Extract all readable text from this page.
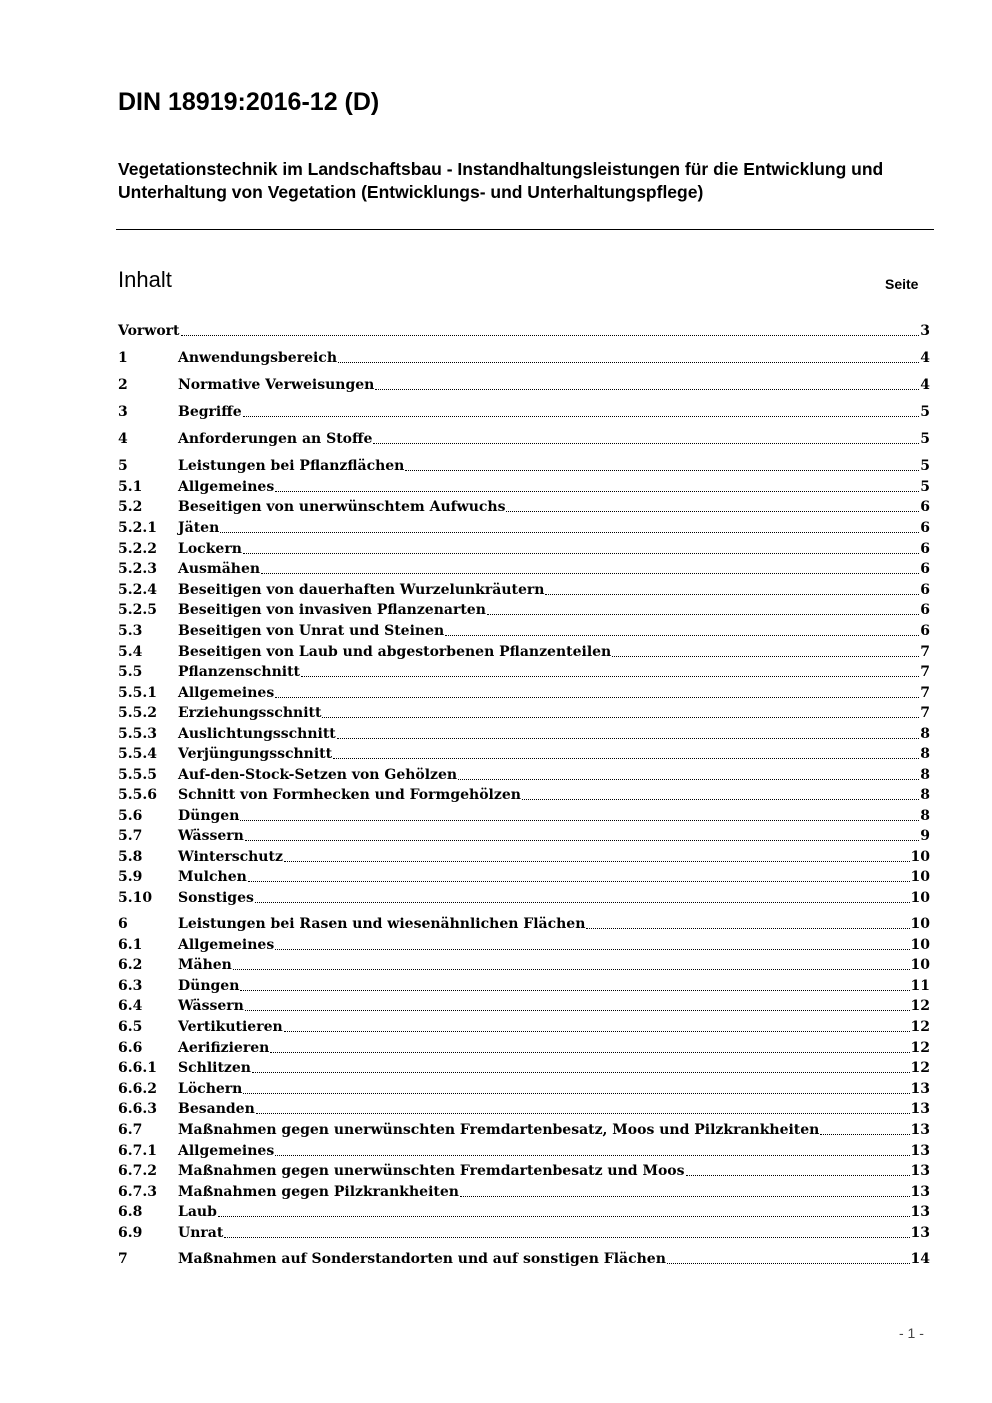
DIN 18919:2016-12 (D)
Vegetationstechnik im Landschaftsbau - Instandhaltungsleistungen für die Entwicklung und Unterhaltung von Vegetation (Entwicklungs- und Unterhaltungspflege)
Inhalt	Seite
Vorwort	3
1	Anwendungsbereich	4
2	Normative Verweisungen	4
3	Begriffe	5
4	Anforderungen an Stoffe	5
5	Leistungen bei Pflanzflächen	5
5.1	Allgemeines	5
5.2	Beseitigen von unerwünschtem Aufwuchs	6
5.2.1	Jäten	6
5.2.2	Lockern	6
5.2.3	Ausmähen	6
5.2.4	Beseitigen von dauerhaften Wurzelunkräutern	6
5.2.5	Beseitigen von invasiven Pflanzenarten	6
5.3	Beseitigen von Unrat und Steinen	6
5.4	Beseitigen von Laub und abgestorbenen Pflanzenteilen	7
5.5	Pflanzenschnitt	7
5.5.1	Allgemeines	7
5.5.2	Erziehungsschnitt	7
5.5.3	Auslichtungsschnitt	8
5.5.4	Verjüngungsschnitt	8
5.5.5	Auf-den-Stock-Setzen von Gehölzen	8
5.5.6	Schnitt von Formhecken und Formgehölzen	8
5.6	Düngen	8
5.7	Wässern	9
5.8	Winterschutz	10
5.9	Mulchen	10
5.10	Sonstiges	10
6	Leistungen bei Rasen und wiesenähnlichen Flächen	10
6.1	Allgemeines	10
6.2	Mähen	10
6.3	Düngen	11
6.4	Wässern	12
6.5	Vertikutieren	12
6.6	Aerifizieren	12
6.6.1	Schlitzen	12
6.6.2	Löchern	13
6.6.3	Besanden	13
6.7	Maßnahmen gegen unerwünschten Fremdartenbesatz, Moos und Pilzkrankheiten	13
6.7.1	Allgemeines	13
6.7.2	Maßnahmen gegen unerwünschten Fremdartenbesatz und Moos	13
6.7.3	Maßnahmen gegen Pilzkrankheiten	13
6.8	Laub	13
6.9	Unrat	13
7	Maßnahmen auf Sonderstandorten und auf sonstigen Flächen	14
- 1 -
